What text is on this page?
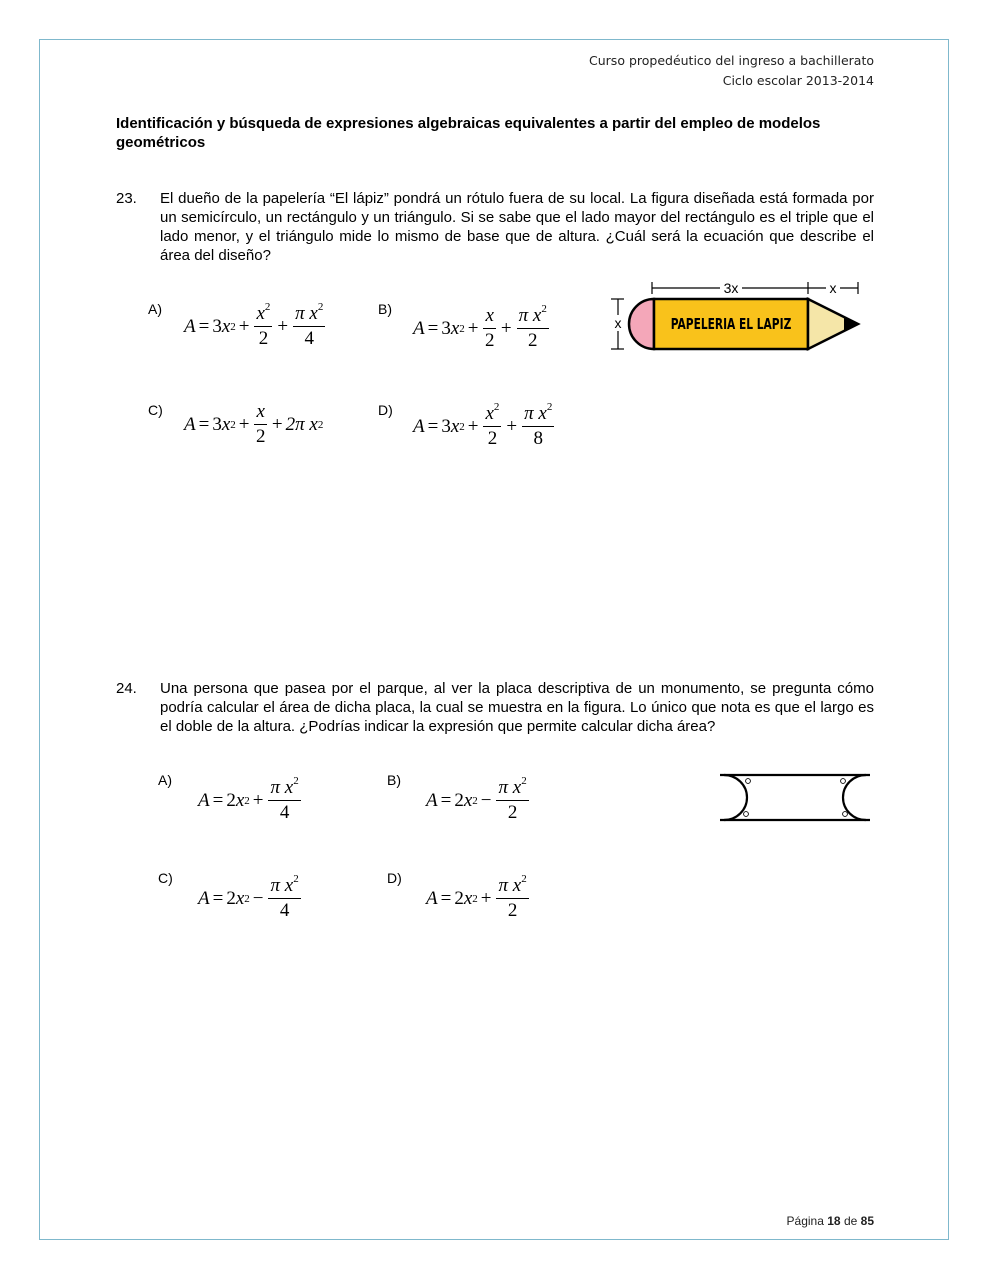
Curso propedéutico del ingreso a bachillerato
Ciclo escolar 2013-2014
Identificación y búsqueda de expresiones algebraicas equivalentes a partir del empleo de modelos geométricos
23. El dueño de la papelería “El lápiz” pondrá un rótulo fuera de su local. La figura diseñada está formada por un semicírculo, un rectángulo y un triángulo. Si se sabe que el lado mayor del rectángulo es el triple que el lado menor, y el triángulo mide lo mismo de base que de altura. ¿Cuál será la ecuación que describe el área del diseño?
A)
A = 3 x $2 + \frac{x^2}{2} + \frac{\pi x^2}{4}$	B)
A = 3 x $2 + \frac{x}{2} + \frac{\pi x^2}{2}$
C)
A = 3 x $2 + \frac{x}{2} + 2\pi$
x 2
D)
A = 3 x $2 + \frac{x^2}{2} + \frac{\pi x^2}{8}$
3x	x
x	PAPELERIA EL LAPIZ
24. Una persona que pasea por el parque, al ver la placa descriptiva de un monumento, se pregunta cómo podría calcular el área de dicha placa, la cual se muestra en la figura. Lo único que nota es que el largo es el doble de la altura. ¿Podrías indicar la expresión que permite calcular dicha área?
A)
A = 2 x $2 + \frac{\pi x^2}{4}$	B)
A = 2 x $2 - \frac{\pi x^2}{2}$
C)
A = 2 x $2 - \frac{\pi x^2}{4}$	D)
A = 2 x $2 + \frac{\pi x^2}{2}$
Página 18 de 85
